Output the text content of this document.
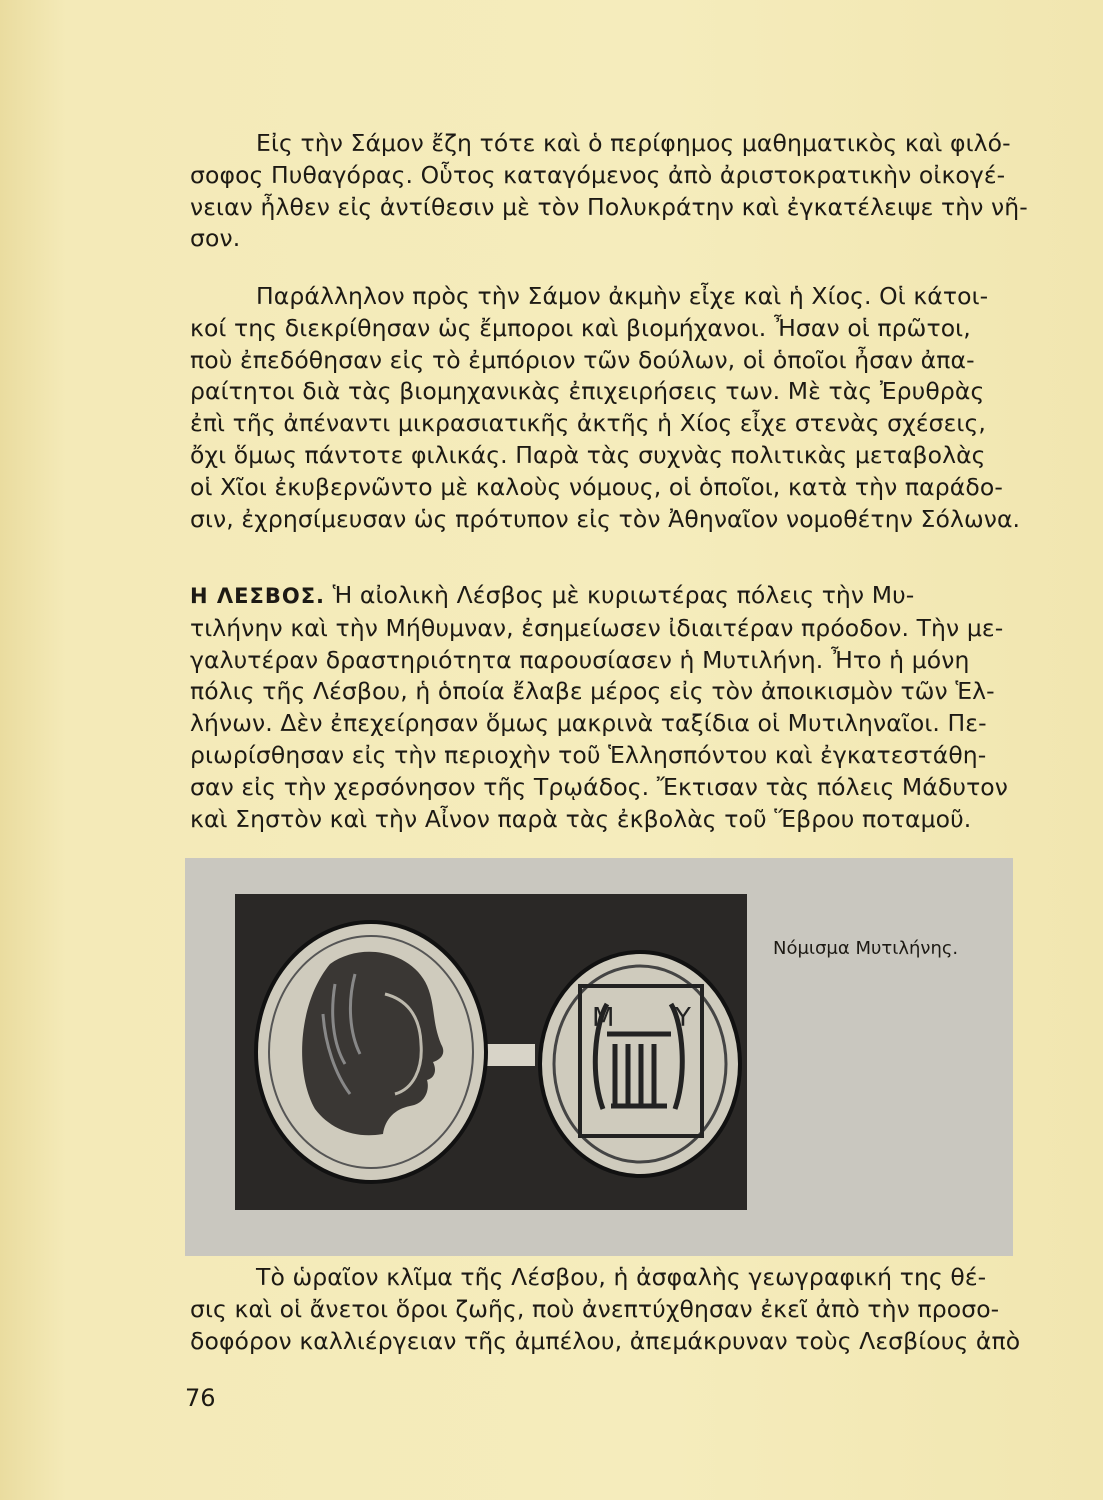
Εἰς τὴν Σάμον ἔζη τότε καὶ ὁ περίφημος μαθηματικὸς καὶ φιλό-
σοφος Πυθαγόρας. Οὗτος καταγόμενος ἀπὸ ἀριστοκρατικὴν οἰκογέ-
νειαν ἦλθεν εἰς ἀντίθεσιν μὲ τὸν Πολυκράτην καὶ ἐγκατέλειψε τὴν νῆ-
σον.
Παράλληλον πρὸς τὴν Σάμον ἀκμὴν εἶχε καὶ ἡ Χίος. Οἱ κάτοι-
κοί της διεκρίθησαν ὡς ἔμποροι καὶ βιομήχανοι. Ἦσαν οἱ πρῶτοι,
ποὺ ἐπεδόθησαν εἰς τὸ ἐμπόριον τῶν δούλων, οἱ ὁποῖοι ἦσαν ἀπα-
ραίτητοι διὰ τὰς βιομηχανικὰς ἐπιχειρήσεις των. Μὲ τὰς Ἐρυθρὰς
ἐπὶ τῆς ἀπέναντι μικρασιατικῆς ἀκτῆς ἡ Χίος εἶχε στενὰς σχέσεις,
ὄχι ὅμως πάντοτε φιλικάς. Παρὰ τὰς συχνὰς πολιτικὰς μεταβολὰς
οἱ Χῖοι ἐκυβερνῶντο μὲ καλοὺς νόμους, οἱ ὁποῖοι, κατὰ τὴν παράδο-
σιν, ἐχρησίμευσαν ὡς πρότυπον εἰς τὸν Ἀθηναῖον νομοθέτην Σόλωνα.
Η ΛΕΣΒΟΣ. Ἡ αἰολικὴ Λέσβος μὲ κυριωτέρας πόλεις τὴν Μυ-
τιλήνην καὶ τὴν Μήθυμναν, ἐσημείωσεν ἰδιαιτέραν πρόοδον. Τὴν με-
γαλυτέραν δραστηριότητα παρουσίασεν ἡ Μυτιλήνη. Ἦτο ἡ μόνη
πόλις τῆς Λέσβου, ἡ ὁποία ἔλαβε μέρος εἰς τὸν ἀποικισμὸν τῶν Ἑλ-
λήνων. Δὲν ἐπεχείρησαν ὅμως μακρινὰ ταξίδια οἱ Μυτιληναῖοι. Πε-
ριωρίσθησαν εἰς τὴν περιοχὴν τοῦ Ἑλλησπόντου καὶ ἐγκατεστάθη-
σαν εἰς τὴν χερσόνησον τῆς Τρῳάδος. Ἔκτισαν τὰς πόλεις Μάδυτον
καὶ Σηστὸν καὶ τὴν Αἶνον παρὰ τὰς ἐκβολὰς τοῦ Ἕβρου ποταμοῦ.
Μ Υ
Νόμισμα Μυτιλήνης.
Τὸ ὡραῖον κλῖμα τῆς Λέσβου, ἡ ἀσφαλὴς γεωγραφική της θέ-
σις καὶ οἱ ἄνετοι ὅροι ζωῆς, ποὺ ἀνεπτύχθησαν ἐκεῖ ἀπὸ τὴν προσο-
δοφόρον καλλιέργειαν τῆς ἀμπέλου, ἀπεμάκρυναν τοὺς Λεσβίους ἀπὸ
76
